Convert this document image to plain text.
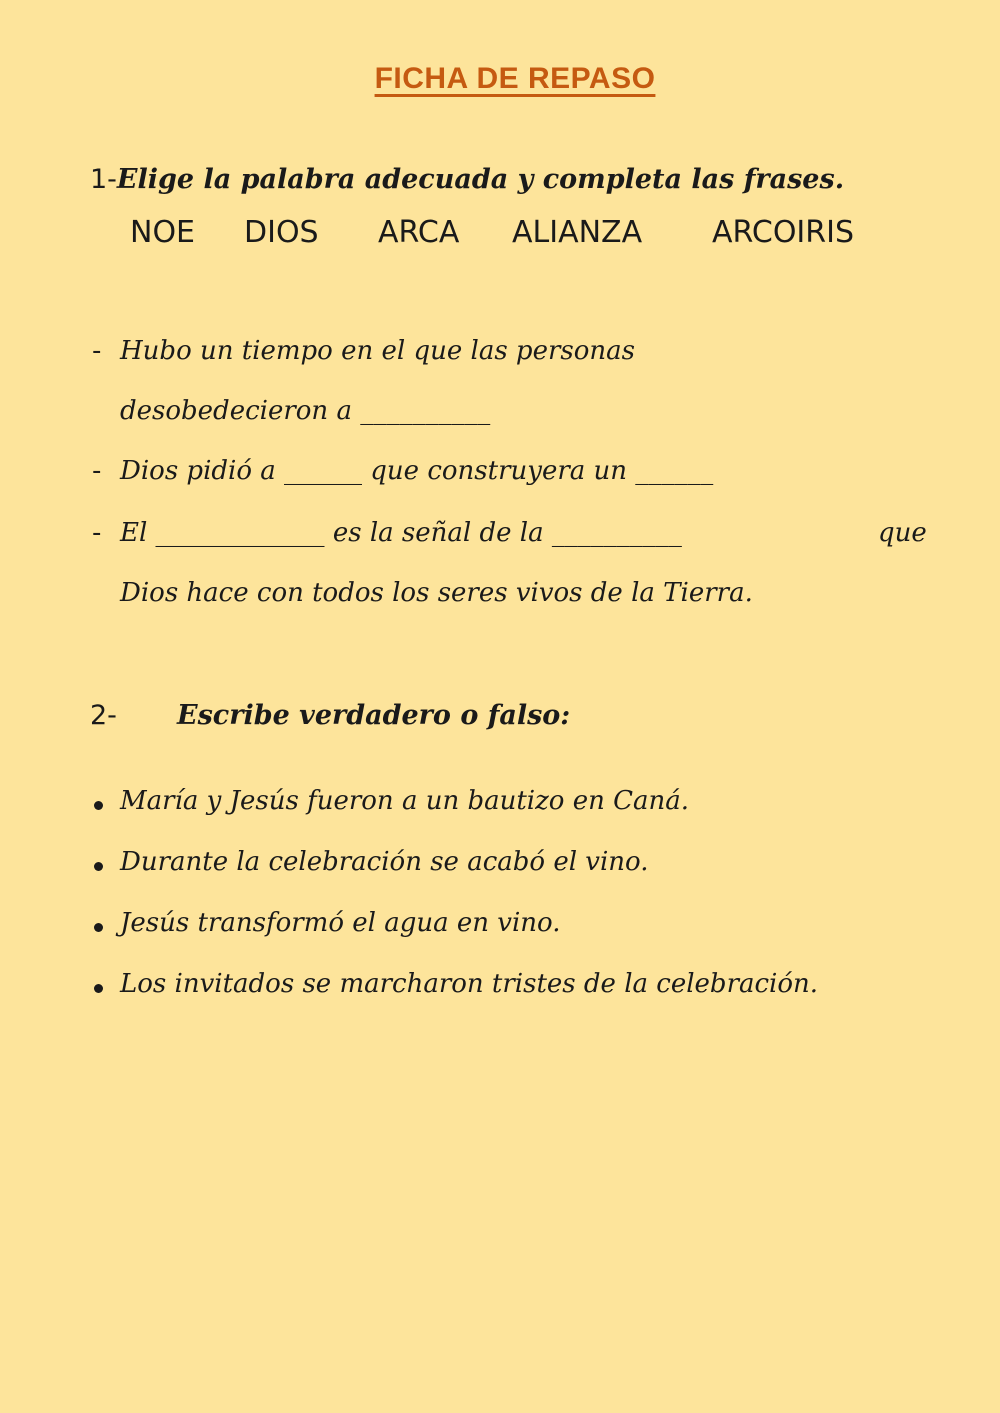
FICHA DE REPASO
1-Elige la palabra adecuada y completa las frases.
NOE DIOS ARCA ALIANZA ARCOIRIS
- Hubo un tiempo en el que las personas
desobedecieron a __________
- Dios pidió a ______ que construyera un ______
- El _____________ es la señal de la __________	que
Dios hace con todos los seres vivos de la Tierra.
2- Escribe verdadero o falso:
María y Jesús fueron a un bautizo en Caná.
Durante la celebración se acabó el vino.
Jesús transformó el agua en vino.
Los invitados se marcharon tristes de la celebración.
